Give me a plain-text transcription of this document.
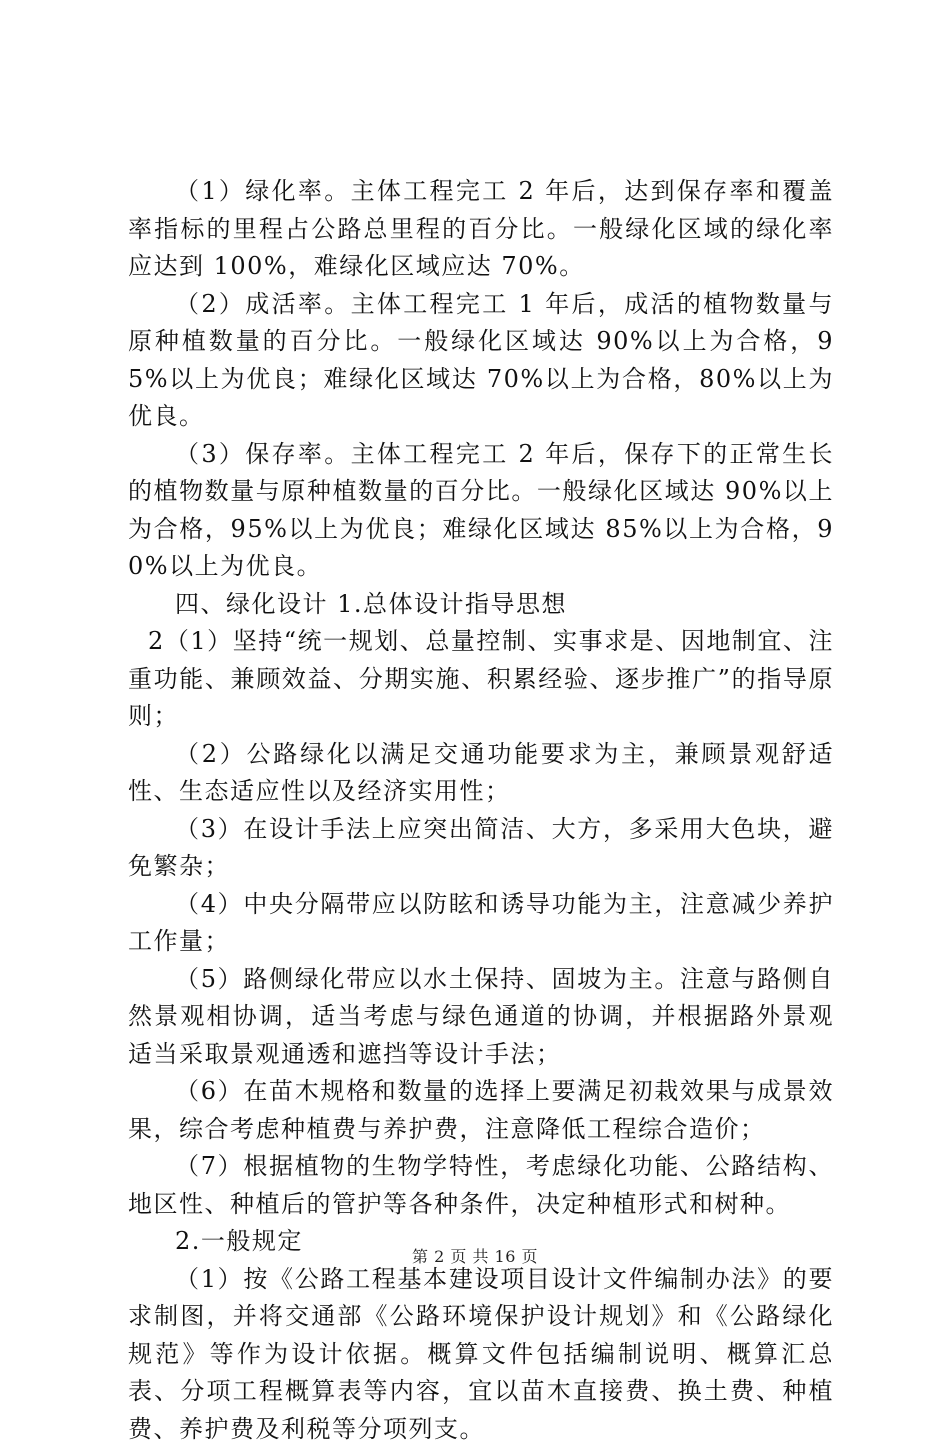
（1）绿化率。主体工程完工 2 年后，达到保存率和覆盖率指标的里程占公路总里程的百分比。一般绿化区域的绿化率应达到 100%，难绿化区域应达 70%。

（2）成活率。主体工程完工 1 年后，成活的植物数量与原种植数量的百分比。一般绿化区域达 90%以上为合格，95%以上为优良；难绿化区域达 70%以上为合格，80%以上为优良。

（3）保存率。主体工程完工 2 年后，保存下的正常生长的植物数量与原种植数量的百分比。一般绿化区域达 90%以上为合格，95%以上为优良；难绿化区域达 85%以上为合格，90%以上为优良。

四、绿化设计 1.总体设计指导思想

2（1）坚持“统一规划、总量控制、实事求是、因地制宜、注重功能、兼顾效益、分期实施、积累经验、逐步推广”的指导原则；

（2）公路绿化以满足交通功能要求为主，兼顾景观舒适性、生态适应性以及经济实用性；

（3）在设计手法上应突出简洁、大方，多采用大色块，避免繁杂；

（4）中央分隔带应以防眩和诱导功能为主，注意减少养护工作量；

（5）路侧绿化带应以水土保持、固坡为主。注意与路侧自然景观相协调，适当考虑与绿色通道的协调，并根据路外景观适当采取景观通透和遮挡等设计手法；

（6）在苗木规格和数量的选择上要满足初栽效果与成景效果，综合考虑种植费与养护费，注意降低工程综合造价；

（7）根据植物的生物学特性，考虑绿化功能、公路结构、地区性、种植后的管护等各种条件，决定种植形式和树种。

2.一般规定

（1）按《公路工程基本建设项目设计文件编制办法》的要求制图，并将交通部《公路环境保护设计规划》和《公路绿化规范》等作为设计依据。概算文件包括编制说明、概算汇总表、分项工程概算表等内容，宜以苗木直接费、换土费、种植费、养护费及利税等分项列支。

第 2 页 共 16 页
